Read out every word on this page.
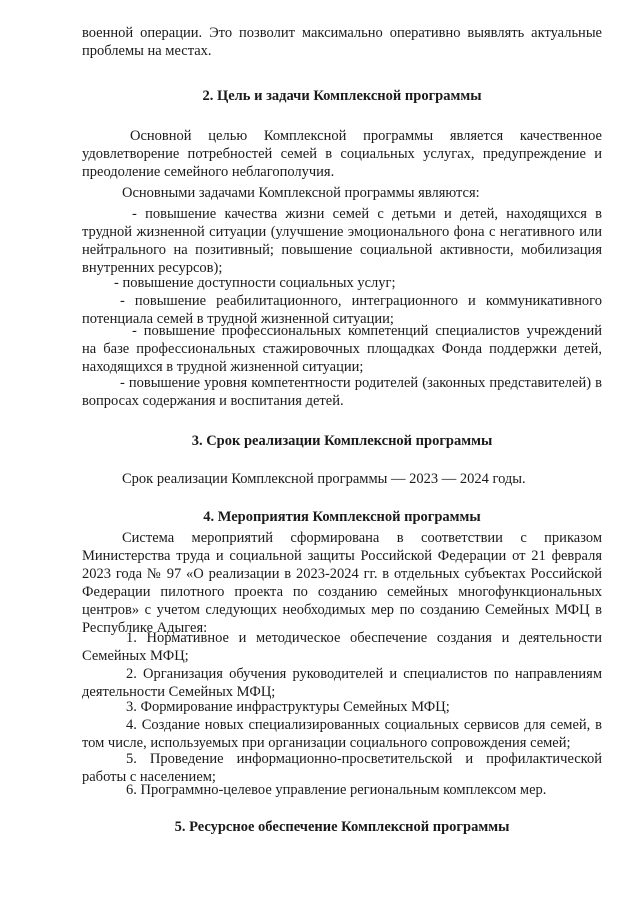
военной операции. Это позволит максимально оперативно выявлять актуальные проблемы на местах.

2. Цель и задачи Комплексной программы

Основной целью Комплексной программы является качественное удовлетворение потребностей семей в социальных услугах, предупреждение и преодоление семейного неблагополучия.

Основными задачами Комплексной программы являются:

- повышение качества жизни семей с детьми и детей, находящихся в трудной жизненной ситуации (улучшение эмоционального фона с негативного или нейтрального на позитивный; повышение социальной активности, мобилизация внутренних ресурсов);

- повышение доступности социальных услуг;

- повышение реабилитационного, интеграционного и коммуникативного потенциала семей в трудной жизненной ситуации;

- повышение профессиональных компетенций специалистов учреждений на базе профессиональных стажировочных площадках Фонда поддержки детей, находящихся в трудной жизненной ситуации;

- повышение уровня компетентности родителей (законных представителей) в вопросах содержания и воспитания детей.

3. Срок реализации Комплексной программы

Срок реализации Комплексной программы — 2023 — 2024 годы.

4. Мероприятия Комплексной программы

Система мероприятий сформирована в соответствии с приказом Министерства труда и социальной защиты Российской Федерации от 21 февраля 2023 года № 97 «О реализации в 2023-2024 гг. в отдельных субъектах Российской Федерации пилотного проекта по созданию семейных многофункциональных центров» с учетом следующих необходимых мер по созданию Семейных МФЦ в Республике Адыгея:

1. Нормативное и методическое обеспечение создания и деятельности Семейных МФЦ;

2. Организация обучения руководителей и специалистов по направлениям деятельности Семейных МФЦ;

3. Формирование инфраструктуры Семейных МФЦ;

4. Создание новых специализированных социальных сервисов для семей, в том числе, используемых при организации социального сопровождения семей;

5. Проведение информационно-просветительской и профилактической работы с населением;

6. Программно-целевое управление региональным комплексом мер.

5. Ресурсное обеспечение Комплексной программы
